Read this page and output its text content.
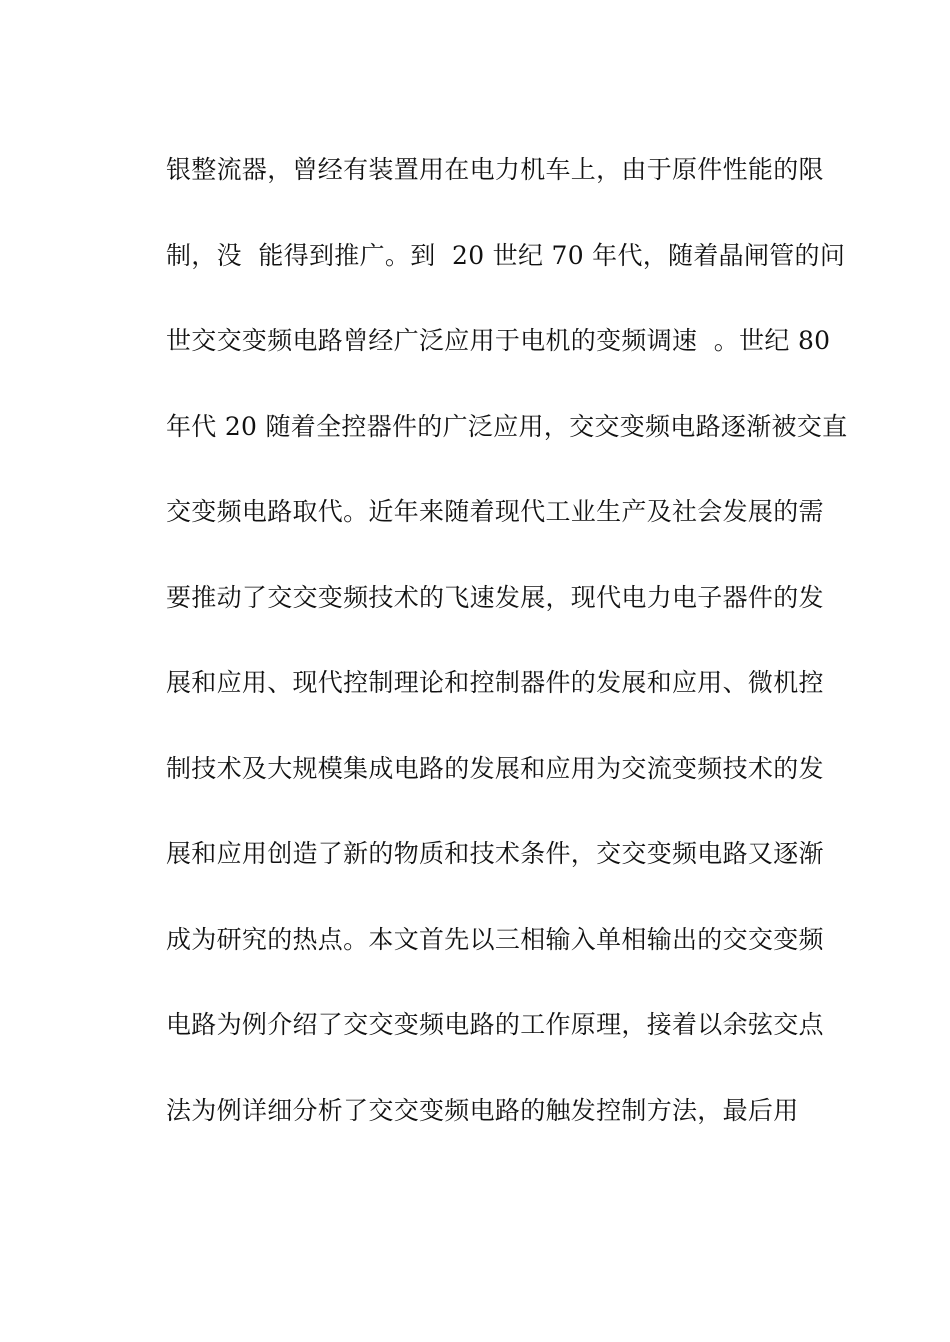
银整流器，曾经有装置用在电力机车上，由于原件性能的限
制，没  能得到推广。到  20 世纪 70 年代，随着晶闸管的问
世交交变频电路曾经广泛应用于电机的变频调速  。世纪 80
年代 20 随着全控器件的广泛应用，交交变频电路逐渐被交直
交变频电路取代。近年来随着现代工业生产及社会发展的需
要推动了交交变频技术的飞速发展，现代电力电子器件的发
展和应用、现代控制理论和控制器件的发展和应用、微机控
制技术及大规模集成电路的发展和应用为交流变频技术的发
展和应用创造了新的物质和技术条件，交交变频电路又逐渐
成为研究的热点。本文首先以三相输入单相输出的交交变频
电路为例介绍了交交变频电路的工作原理，接着以余弦交点
法为例详细分析了交交变频电路的触发控制方法，最后用
